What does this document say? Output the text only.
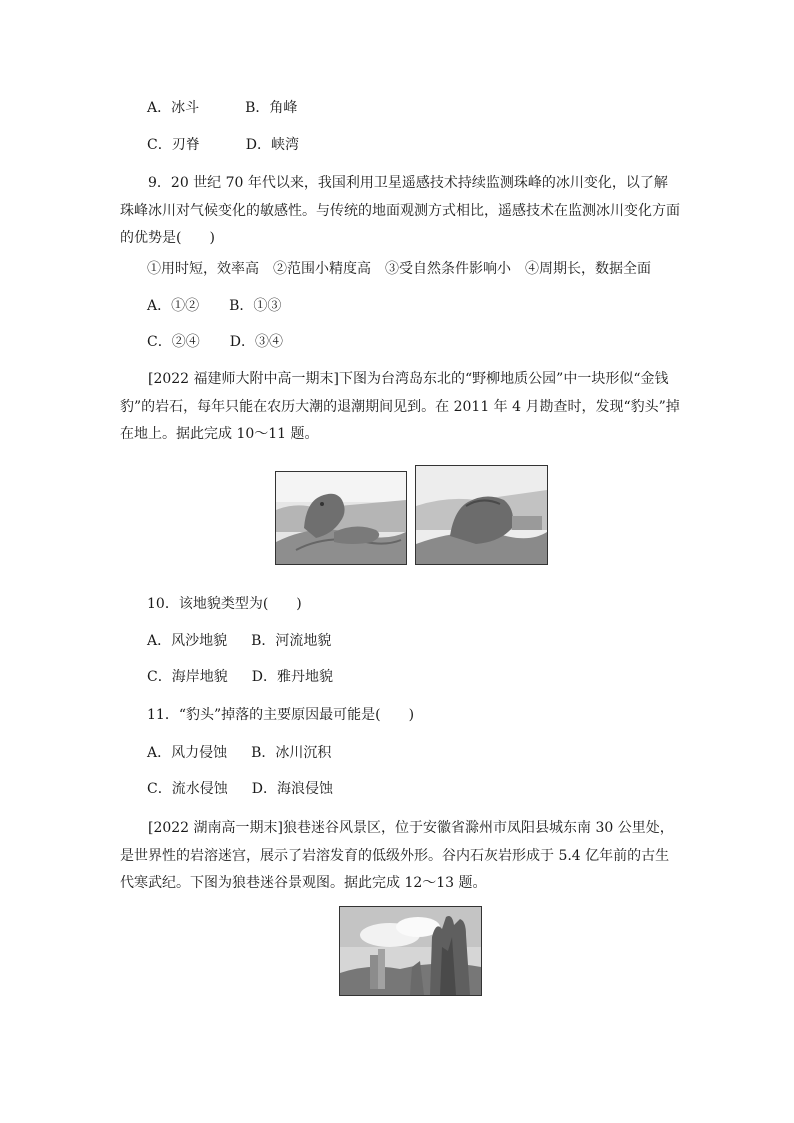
A．冰斗	B．角峰
C．刃脊	D．峡湾
9．20 世纪 70 年代以来，我国利用卫星遥感技术持续监测珠峰的冰川变化，以了解珠峰冰川对气候变化的敏感性。与传统的地面观测方式相比，遥感技术在监测冰川变化方面的优势是(　　)
①用时短，效率高　②范围小精度高　③受自然条件影响小　④周期长，数据全面
A．①② B．①③
C．②④ D．③④
[2022 福建师大附中高一期末]下图为台湾岛东北的“野柳地质公园”中一块形似“金钱豹”的岩石，每年只能在农历大潮的退潮期间见到。在 2011 年 4 月勘查时，发现“豹头”掉在地上。据此完成 10～11 题。
10．该地貌类型为(　　)
A．风沙地貌 B．河流地貌
C．海岸地貌 D．雅丹地貌
11．“豹头”掉落的主要原因最可能是(　　)
A．风力侵蚀 B．冰川沉积
C．流水侵蚀 D．海浪侵蚀
[2022 湖南高一期末]狼巷迷谷风景区，位于安徽省滁州市凤阳县城东南 30 公里处，是世界性的岩溶迷宫，展示了岩溶发育的低级外形。谷内石灰岩形成于 5.4 亿年前的古生代寒武纪。下图为狼巷迷谷景观图。据此完成 12～13 题。
